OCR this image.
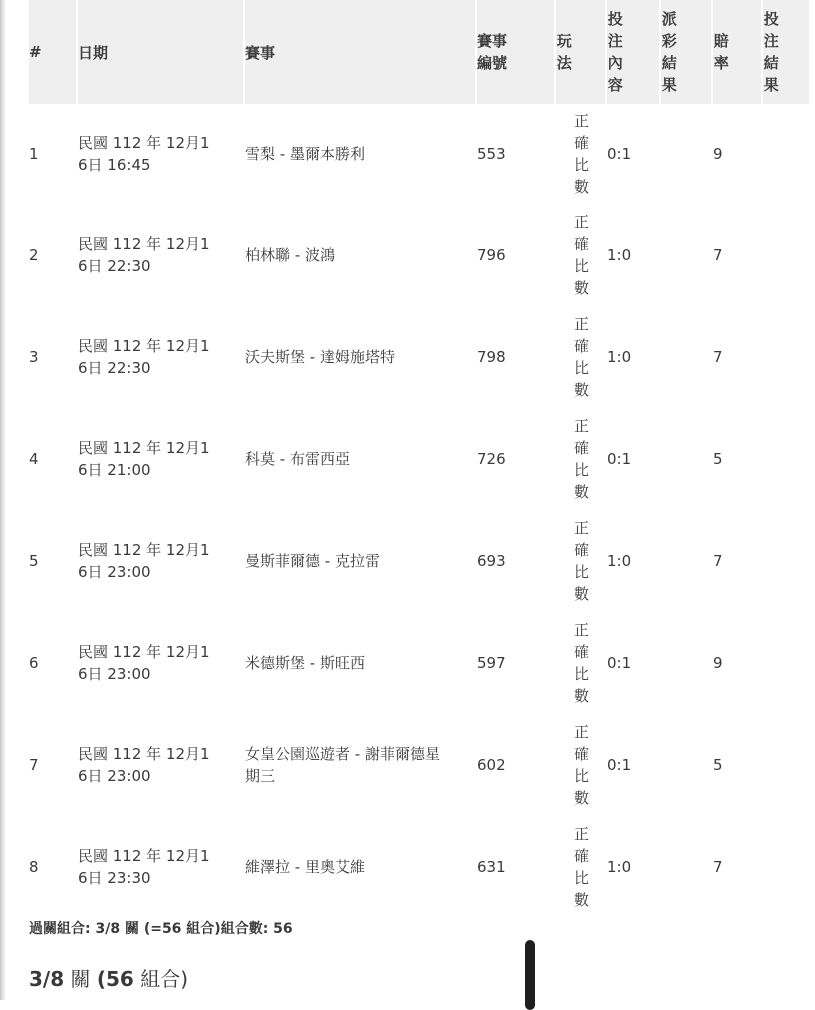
#	日期	賽事	賽事編號	玩法	投注內容	派彩結果	賠率	投注結果
1	民國 112 年 12月16日 16:45	雪梨 - 墨爾本勝利	553	正確比數	0:1		9	
2	民國 112 年 12月16日 22:30	柏林聯 - 波鴻	796	正確比數	1:0		7	
3	民國 112 年 12月16日 22:30	沃夫斯堡 - 達姆施塔特	798	正確比數	1:0		7	
4	民國 112 年 12月16日 21:00	科莫 - 布雷西亞	726	正確比數	0:1		5	
5	民國 112 年 12月16日 23:00	曼斯菲爾德 - 克拉雷	693	正確比數	1:0		7	
6	民國 112 年 12月16日 23:00	米德斯堡 - 斯旺西	597	正確比數	0:1		9	
7	民國 112 年 12月16日 23:00	女皇公園巡遊者 - 謝菲爾德星期三	602	正確比數	0:1		5	
8	民國 112 年 12月16日 23:30	維澤拉 - 里奧艾維	631	正確比數	1:0		7	
過關組合: 3/8 關 (=56 組合)組合數: 56
3/8 關 (56 組合)
